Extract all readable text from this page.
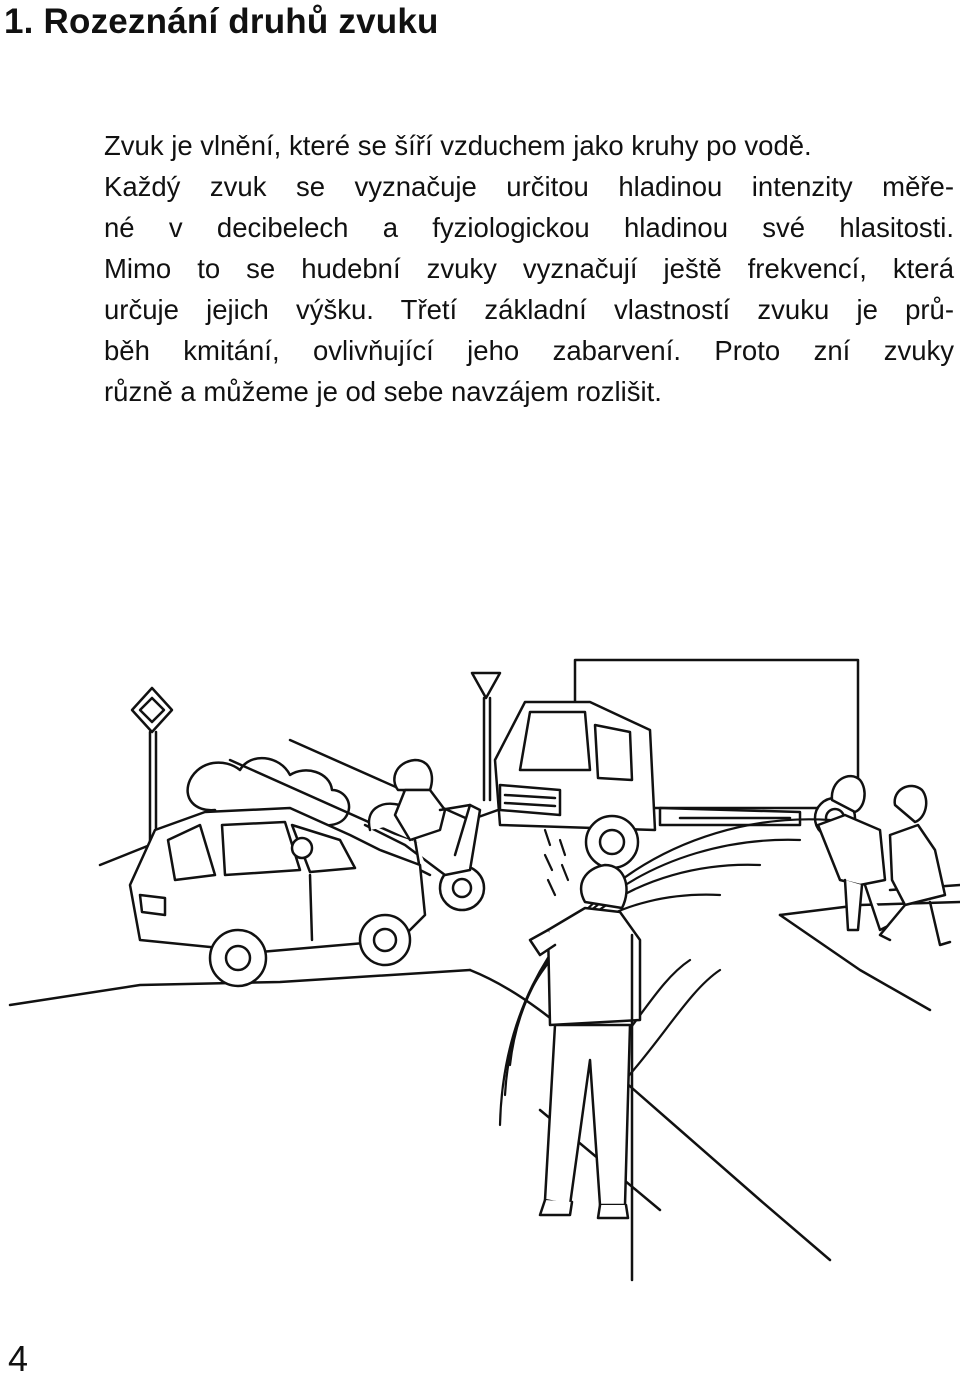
1. Rozeznání druhů zvuku
Zvuk je vlnění, které se šíří vzduchem jako kruhy po vodě.
Každý zvuk se vyznačuje určitou hladinou intenzity měře-
né v decibelech a fyziologickou hladinou své hlasitosti.
Mimo to se hudební zvuky vyznačují ještě frekvencí, která
určuje jejich výšku. Třetí základní vlastností zvuku je prů-
běh kmitání, ovlivňující jeho zabarvení. Proto zní zvuky
různě a můžeme je od sebe navzájem rozlišit.
4
